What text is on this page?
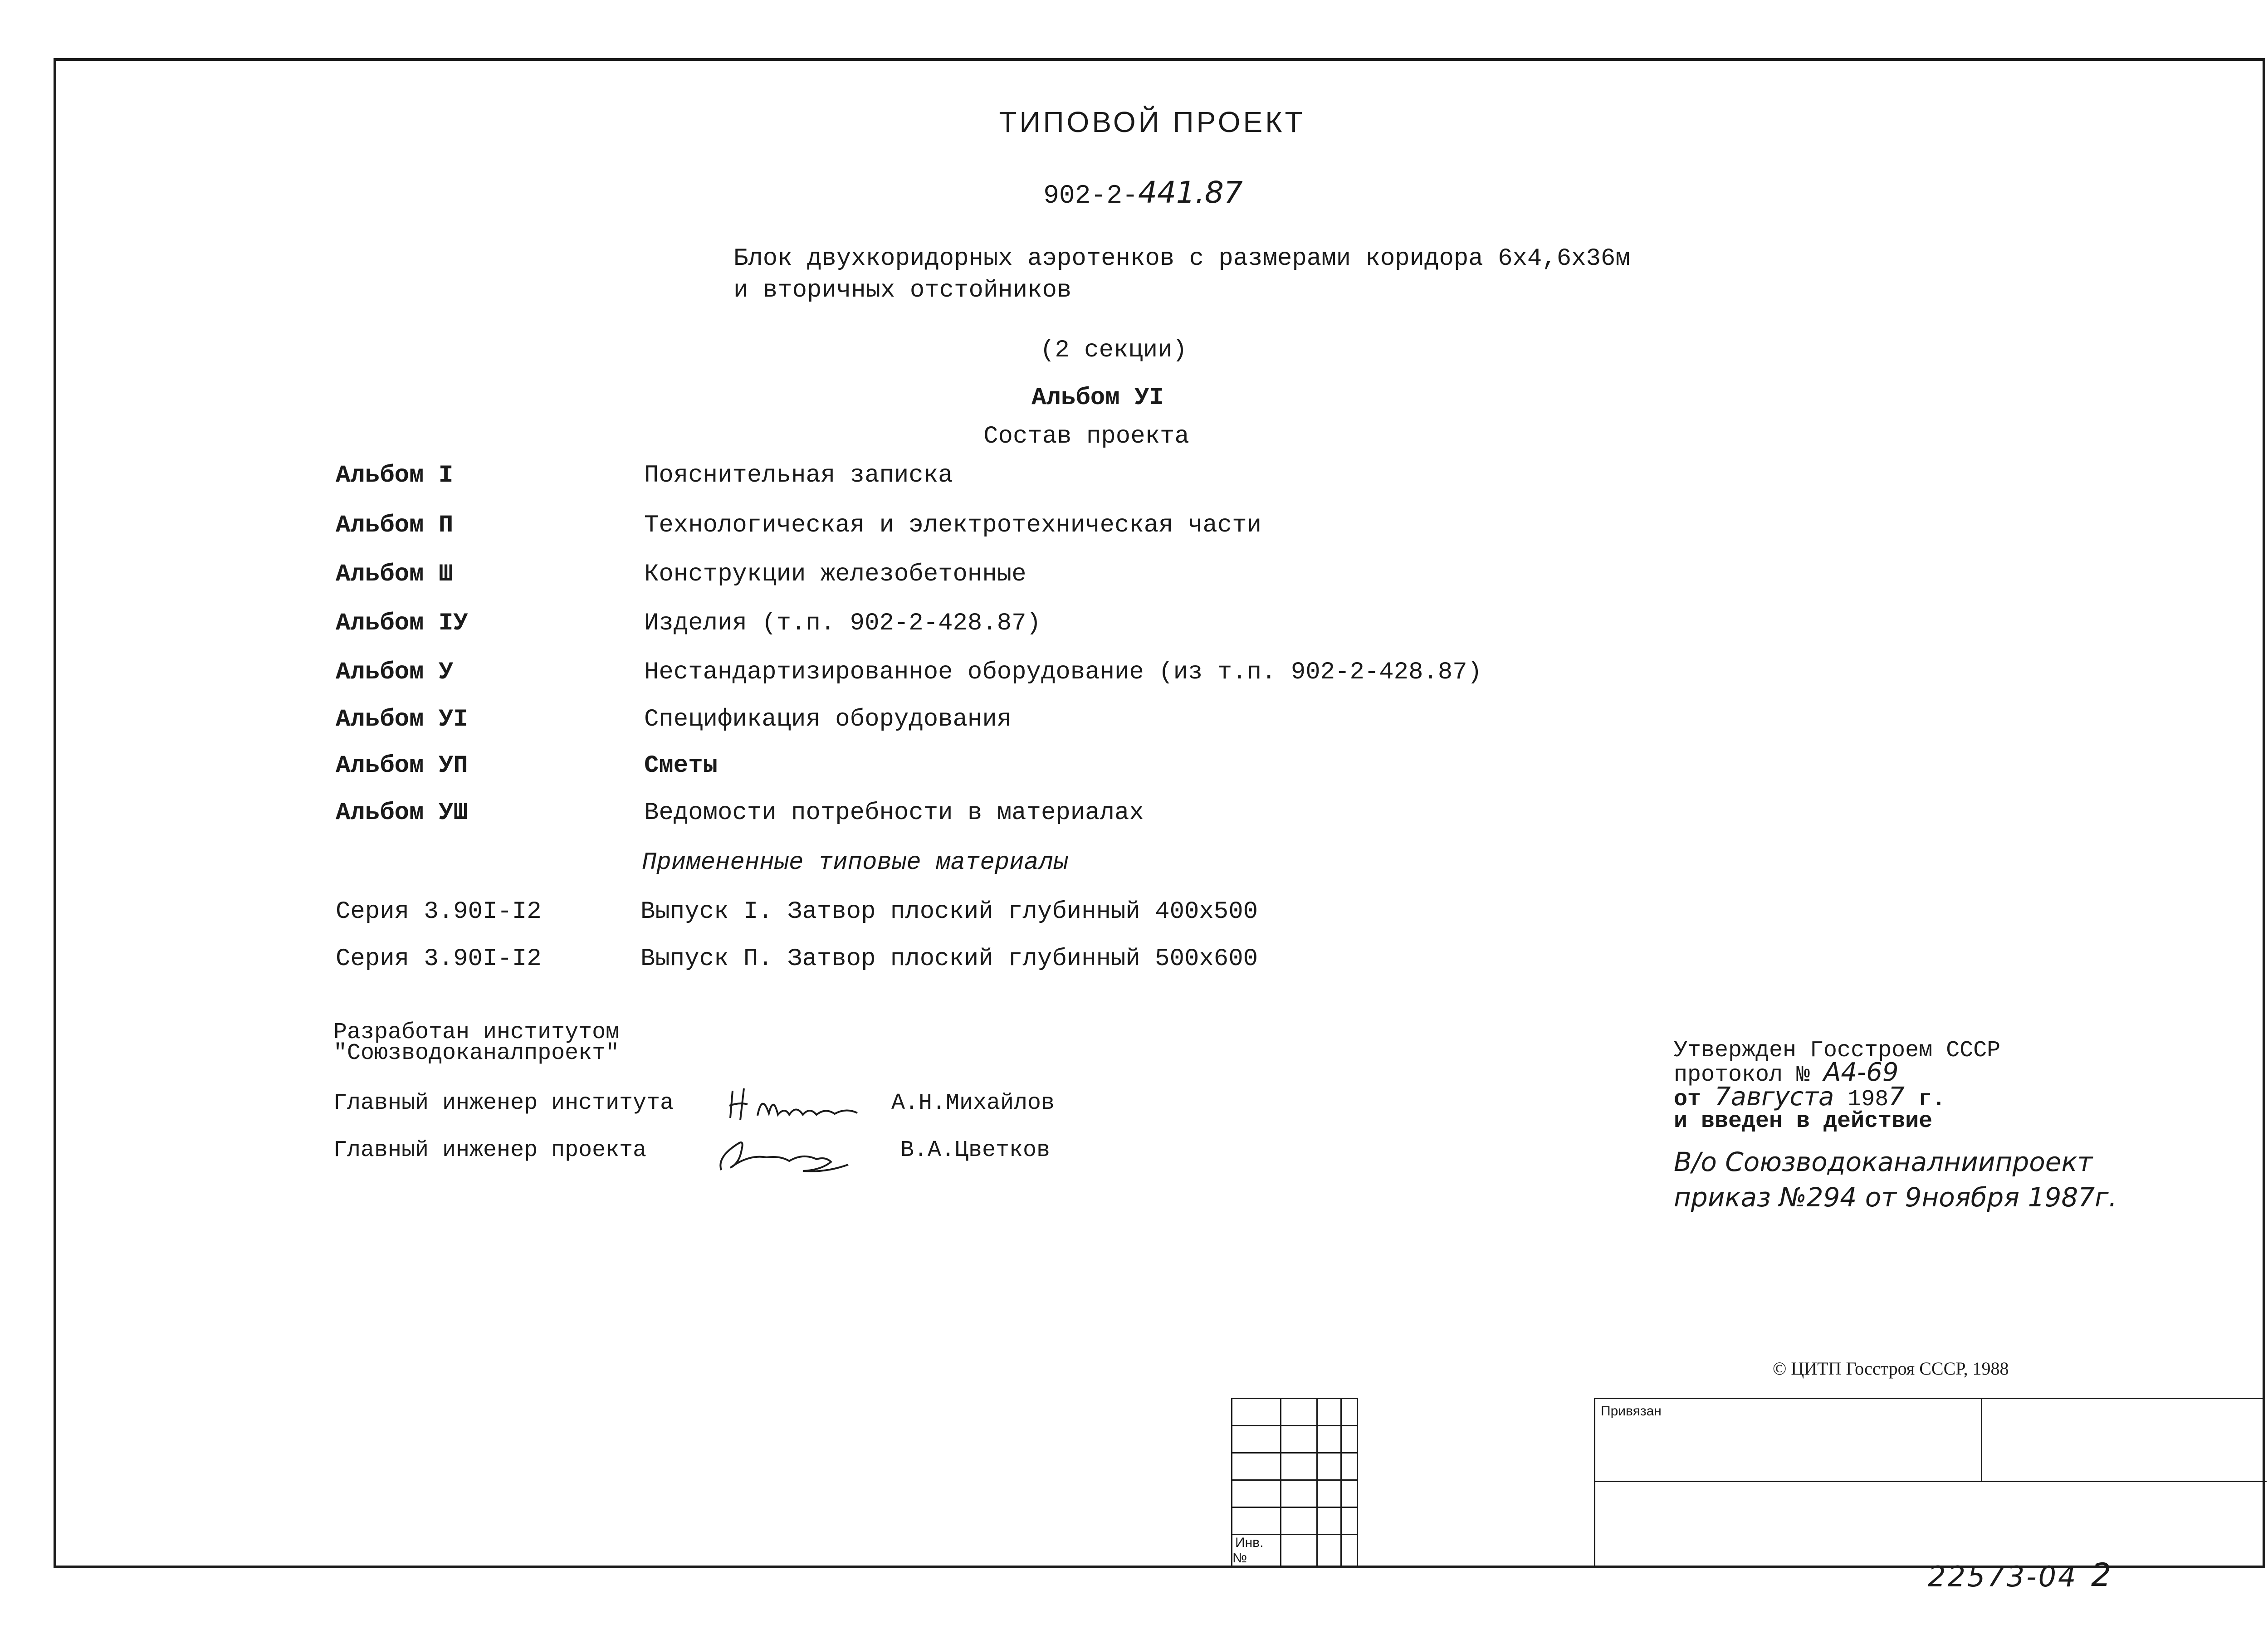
ТИПОВОЙ ПРОЕКТ
902-2-441.87
Блок двухкоридорных аэротенков с размерами коридора 6х4,6х36м
и вторичных отстойников
(2 секции)
Альбом УI
Состав проекта
Альбом I	Пояснительная записка
Альбом П	Технологическая и электротехническая части
Альбом Ш	Конструкции железобетонные
Альбом IУ	Изделия (т.п. 902-2-428.87)
Альбом У	Нестандартизированное оборудование (из т.п. 902-2-428.87)
Альбом УI	Спецификация оборудования
Альбом УП	Сметы
Альбом УШ	Ведомости потребности в материалах
Примененные типовые материалы
Серия 3.90I-I2	Выпуск I. Затвор плоский глубинный 400х500
Серия 3.90I-I2	Выпуск П. Затвор плоский глубинный 500х600
Разработан институтом
"Союзводоканалпроект"
Главный инженер института	А.Н.Михайлов
Главный инженер проекта	В.А.Цветков
Утвержден Госстроем СССР
протокол № А4-69
от 7августа 1987 г.
и введен в действие
В/о Союзводоканалниипроект
приказ №294 от 9ноября 1987г.
© ЦИТП Госстроя СССР, 1988

Инв. №			
Привязан
22573-04 2
